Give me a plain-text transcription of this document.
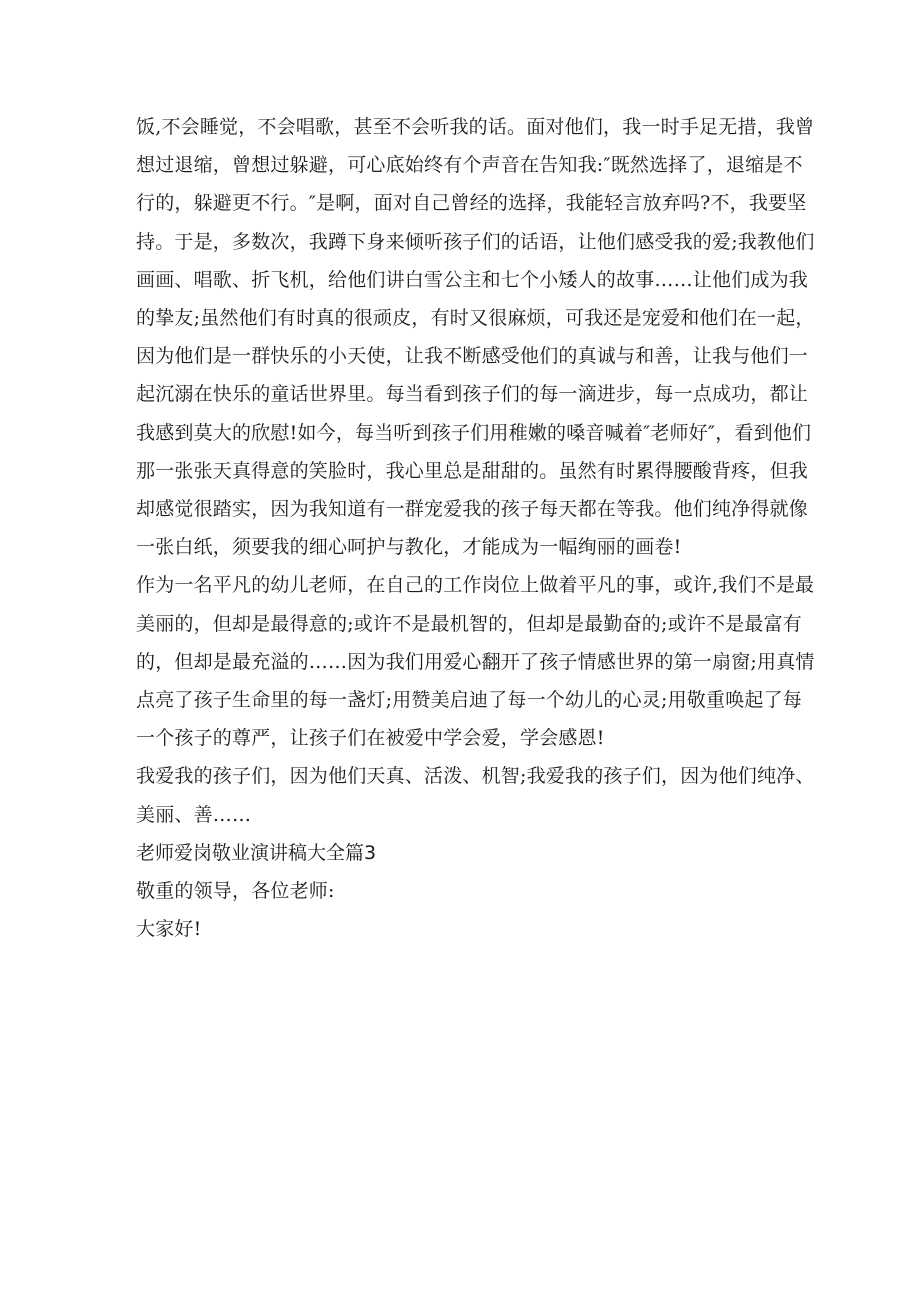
饭,不会睡觉，不会唱歌，甚至不会听我的话。面对他们，我一时手足无措，我曾
想过退缩，曾想过躲避，可心底始终有个声音在告知我:″既然选择了，退缩是不
行的，躲避更不行。″是啊，面对自己曾经的选择，我能轻言放弃吗?不，我要坚
持。于是，多数次，我蹲下身来倾听孩子们的话语，让他们感受我的爱;我教他们
画画、唱歌、折飞机，给他们讲白雪公主和七个小矮人的故事……让他们成为我
的挚友;虽然他们有时真的很顽皮，有时又很麻烦，可我还是宠爱和他们在一起，
因为他们是一群快乐的小天使，让我不断感受他们的真诚与和善，让我与他们一
起沉溺在快乐的童话世界里。每当看到孩子们的每一滴进步，每一点成功，都让
我感到莫大的欣慰!如今，每当听到孩子们用稚嫩的嗓音喊着″老师好″，看到他们
那一张张天真得意的笑脸时，我心里总是甜甜的。虽然有时累得腰酸背疼，但我
却感觉很踏实，因为我知道有一群宠爱我的孩子每天都在等我。他们纯净得就像
一张白纸，须要我的细心呵护与教化，才能成为一幅绚丽的画卷!
作为一名平凡的幼儿老师，在自己的工作岗位上做着平凡的事，或许,我们不是最
美丽的，但却是最得意的;或许不是最机智的，但却是最勤奋的;或许不是最富有
的，但却是最充溢的……因为我们用爱心翻开了孩子情感世界的第一扇窗;用真情
点亮了孩子生命里的每一盏灯;用赞美启迪了每一个幼儿的心灵;用敬重唤起了每
一个孩子的尊严，让孩子们在被爱中学会爱，学会感恩!
我爱我的孩子们，因为他们天真、活泼、机智;我爱我的孩子们，因为他们纯净、
美丽、善……
老师爱岗敬业演讲稿大全篇3
敬重的领导，各位老师:
大家好!
